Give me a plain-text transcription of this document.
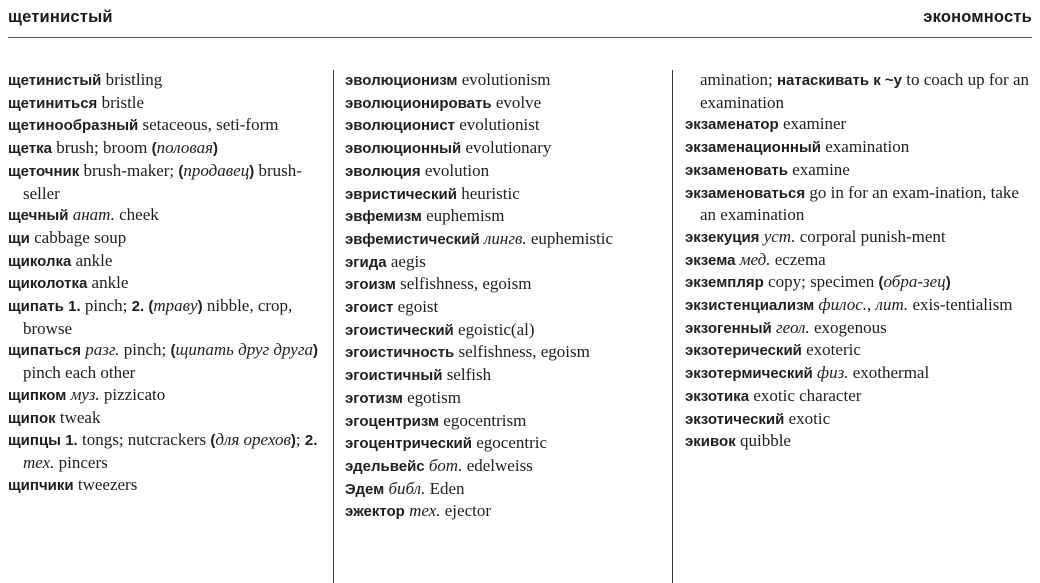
щетинистый	экономность
щетинистый bristling
щетиниться bristle
щетинообразный setaceous, seti-form
щетка brush; broom (половая)
щеточник brush-maker; (продавец) brush-seller
щечный анат. cheek
щи cabbage soup
щиколка ankle
щиколотка ankle
щипать 1. pinch; 2. (траву) nibble, crop, browse
щипаться разг. pinch; (щипать друг друга) pinch each other
щипком муз. pizzicato
щипок tweak
щипцы 1. tongs; nutcrackers (для орехов); 2. тех. pincers
щипчики tweezers
эволюционизм evolutionism
эволюционировать evolve
эволюционист evolutionist
эволюционный evolutionary
эволюция evolution
эвристический heuristic
эвфемизм euphemism
эвфемистический лингв. euphemistic
эгида aegis
эгоизм selfishness, egoism
эгоист egoist
эгоистический egoistic(al)
эгоистичность selfishness, egoism
эгоистичный selfish
эготизм egotism
эгоцентризм egocentrism
эгоцентрический egocentric
эдельвейс бот. edelweiss
Эдем библ. Eden
эжектор тех. ejector
amination; натаскивать к ~у to coach up for an examination
экзаменатор examiner
экзаменационный examination
экзаменовать examine
экзаменоваться go in for an exam-ination, take an examination
экзекуция уст. corporal punish-ment
экзема мед. eczema
экземпляр copy; specimen (обра-зец)
экзистенциализм филос., лит. exis-tentialism
экзогенный геол. exogenous
экзотерический exoteric
экзотермический физ. exothermal
экзотика exotic character
экзотический exotic
экивок quibble
